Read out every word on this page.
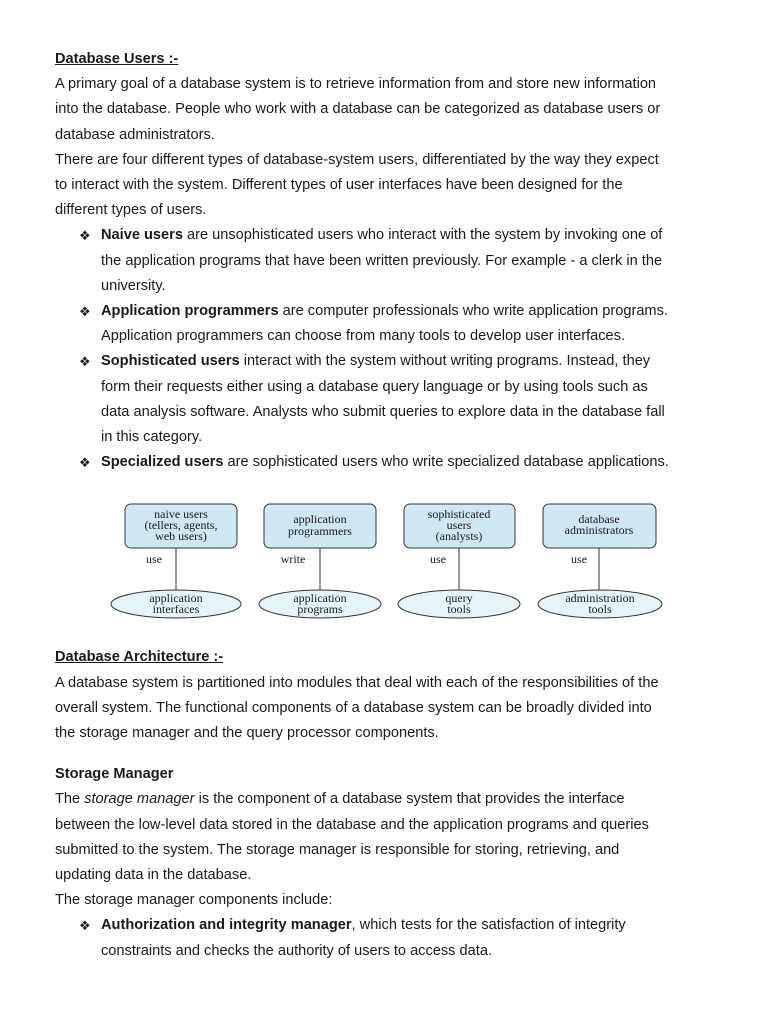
Database Users :-

A primary goal of a database system is to retrieve information from and store new information

into the database. People who work with a database can be categorized as database users or

database administrators.

There are four different types of database-system users, differentiated by the way they expect

to interact with the system. Different types of user interfaces have been designed for the

different types of users.

❖ Naive users are unsophisticated users who interact with the system by invoking one of

the application programs that have been written previously. For example - a clerk in the

university.

❖ Application programmers are computer professionals who write application programs.

Application programmers can choose from many tools to develop user interfaces.

❖ Sophisticated users interact with the system without writing programs. Instead, they

form their requests either using a database query language or by using tools such as

data analysis software. Analysts who submit queries to explore data in the database fall

in this category.

❖ Specialized users are sophisticated users who write specialized database applications.

naive users
(tellers, agents,
web users)
use
application
interfaces
application
programmers
write
application
programs
sophisticated
users
(analysts)
use
query
tools
database
administrators
use
administration
tools

Database Architecture :-

A database system is partitioned into modules that deal with each of the responsibilities of the

overall system. The functional components of a database system can be broadly divided into

the storage manager and the query processor components.

Storage Manager

The storage manager is the component of a database system that provides the interface

between the low-level data stored in the database and the application programs and queries

submitted to the system. The storage manager is responsible for storing, retrieving, and

updating data in the database.

The storage manager components include:

❖ Authorization and integrity manager, which tests for the satisfaction of integrity

constraints and checks the authority of users to access data.
